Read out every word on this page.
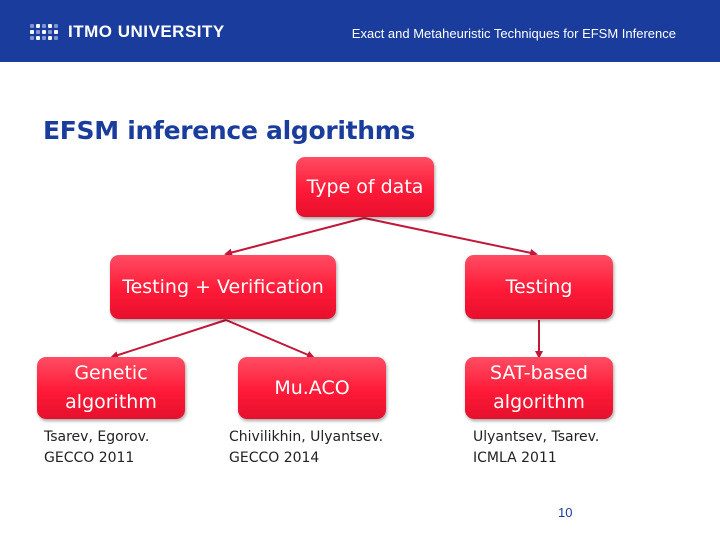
ITMO UNIVERSITY	Exact and Metaheuristic Techniques for EFSM Inference
EFSM inference algorithms
Type of data
Testing + Verification	Testing
Genetic
algorithm
Mu.ACO
SAT-based
algorithm
Tsarev, Egorov.
GECCO 2011
Chivilikhin, Ulyantsev.
GECCO 2014
Ulyantsev, Tsarev.
ICMLA 2011
10
